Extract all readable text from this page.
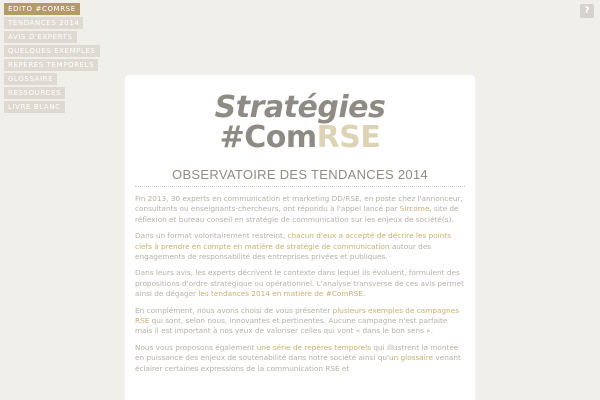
EDITO #COMRSE
TENDANCES 2014
AVIS D'EXPERTS
QUELQUES EXEMPLES
REPÈRES TEMPORELS
GLOSSAIRE
RESSOURCES
LIVRE BLANC
?
Stratégies
#ComRSE
OBSERVATOIRE DES TENDANCES 2014

Fin 2013, 30 experts en communication et marketing DD/RSE, en poste chez l'annonceur, consultants ou enseignants-chercheurs, ont répondu à l'appel lancé par Sircome, site de réflexion et bureau conseil en stratégie de communication sur les enjeux de société(s).

Dans un format volontairement restreint, chacun d'eux a accepté de décrire les points clefs à prendre en compte en matière de stratégie de communication autour des engagements de responsabilité des entreprises privées et publiques.

Dans leurs avis, les experts décrivent le contexte dans lequel ils évoluent, formulent des propositions d'ordre stratégique ou opérationnel. L'analyse transverse de ces avis permet ainsi de dégager les tendances 2014 en matière de #ComRSE.

En complément, nous avons choisi de vous présenter plusieurs exemples de campagnes RSE qui sont, selon nous, innovantes et pertinentes. Aucune campagne n'est parfaite mais il est important à nos yeux de valoriser celles qui vont « dans le bon sens ».

Nous vous proposons également une série de repères temporels qui illustrent la montée en puissance des enjeux de soutenabilité dans notre société ainsi qu'un glossaire venant éclairer certaines expressions de la communication RSE et
